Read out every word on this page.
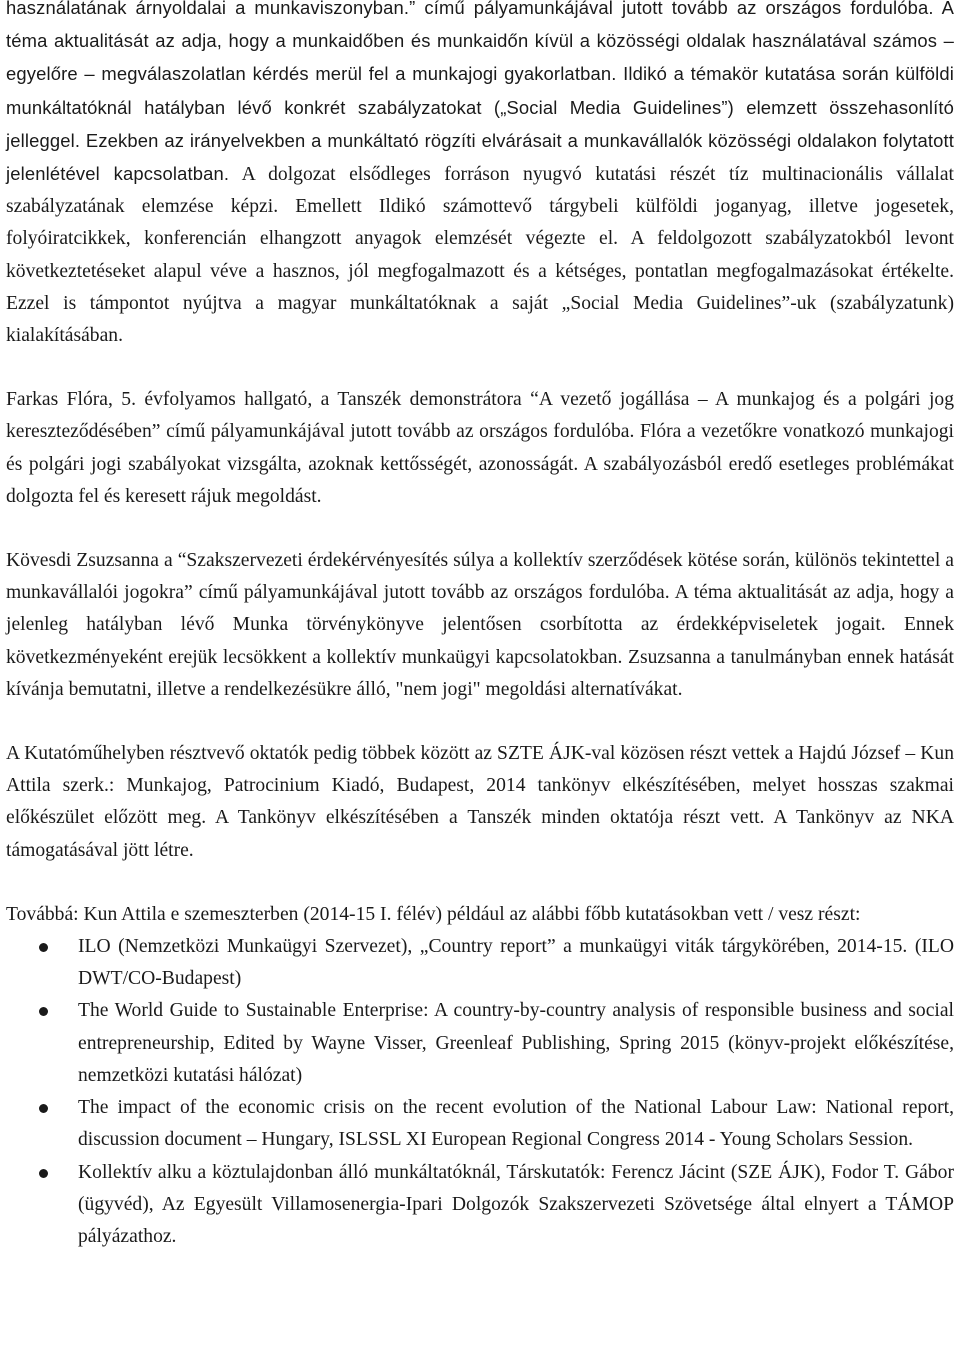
használatának árnyoldalai a munkaviszonyban.” című pályamunkájával jutott tovább az országos fordulóba. A téma aktualitását az adja, hogy a munkaidőben és munkaidőn kívül a közösségi oldalak használatával számos – egyelőre – megválaszolatlan kérdés merül fel a munkajogi gyakorlatban. Ildikó a témakör kutatása során külföldi munkáltatóknál hatályban lévő konkrét szabályzatokat („Social Media Guidelines”) elemzett összehasonlító jelleggel. Ezekben az irányelvekben a munkáltató rögzíti elvárásait a munkavállalók közösségi oldalakon folytatott jelenlétével kapcsolatban. A dolgozat elsődleges forráson nyugvó kutatási részét tíz multinacionális vállalat szabályzatának elemzése képzi. Emellett Ildikó számottevő tárgybeli külföldi joganyag, illetve jogesetek, folyóiratcikkek, konferencián elhangzott anyagok elemzését végezte el. A feldolgozott szabályzatokból levont következtetéseket alapul véve a hasznos, jól megfogalmazott és a kétséges, pontatlan megfogalmazásokat értékelte. Ezzel is támpontot nyújtva a magyar munkáltatóknak a saját „Social Media Guidelines”-uk (szabályzatunk) kialakításában.

Farkas Flóra, 5. évfolyamos hallgató, a Tanszék demonstrátora “A vezető jogállása – A munkajog és a polgári jog kereszteződésében” című pályamunkájával jutott tovább az országos fordulóba. Flóra a vezetőkre vonatkozó munkajogi és polgári jogi szabályokat vizsgálta, azoknak kettősségét, azonosságát. A szabályozásból eredő esetleges problémákat dolgozta fel és keresett rájuk megoldást.

Kövesdi Zsuzsanna a “Szakszervezeti érdekérvényesítés súlya a kollektív szerződések kötése során, különös tekintettel a munkavállalói jogokra” című pályamunkájával jutott tovább az országos fordulóba. A téma aktualitását az adja, hogy a jelenleg hatályban lévő Munka törvénykönyve jelentősen csorbította az érdekképviseletek jogait. Ennek következményeként erejük lecsökkent a kollektív munkaügyi kapcsolatokban. Zsuzsanna a tanulmányban ennek hatását kívánja bemutatni, illetve a rendelkezésükre álló, "nem jogi" megoldási alternatívákat.

A Kutatóműhelyben résztvevő oktatók pedig többek között az SZTE ÁJK-val közösen részt vettek a Hajdú József – Kun Attila szerk.: Munkajog, Patrocinium Kiadó, Budapest, 2014 tankönyv elkészítésében, melyet hosszas szakmai előkészület előzött meg. A Tankönyv elkészítésében a Tanszék minden oktatója részt vett. A Tankönyv az NKA támogatásával jött létre.

Továbbá: Kun Attila e szemeszterben (2014-15 I. félév) például az alábbi főbb kutatásokban vett / vesz részt:

ILO (Nemzetközi Munkaügyi Szervezet), „Country report” a munkaügyi viták tárgykörében, 2014-15. (ILO DWT/CO-Budapest)
The World Guide to Sustainable Enterprise: A country-by-country analysis of responsible business and social entrepreneurship, Edited by Wayne Visser, Greenleaf Publishing, Spring 2015 (könyv-projekt előkészítése, nemzetközi kutatási hálózat)
The impact of the economic crisis on the recent evolution of the National Labour Law: National report, discussion document – Hungary, ISLSSL XI European Regional Congress 2014 - Young Scholars Session.
Kollektív alku a köztulajdonban álló munkáltatóknál, Társkutatók: Ferencz Jácint (SZE ÁJK), Fodor T. Gábor (ügyvéd), Az Egyesült Villamosenergia-Ipari Dolgozók Szakszervezeti Szövetsége által elnyert a TÁMOP pályázathoz.
